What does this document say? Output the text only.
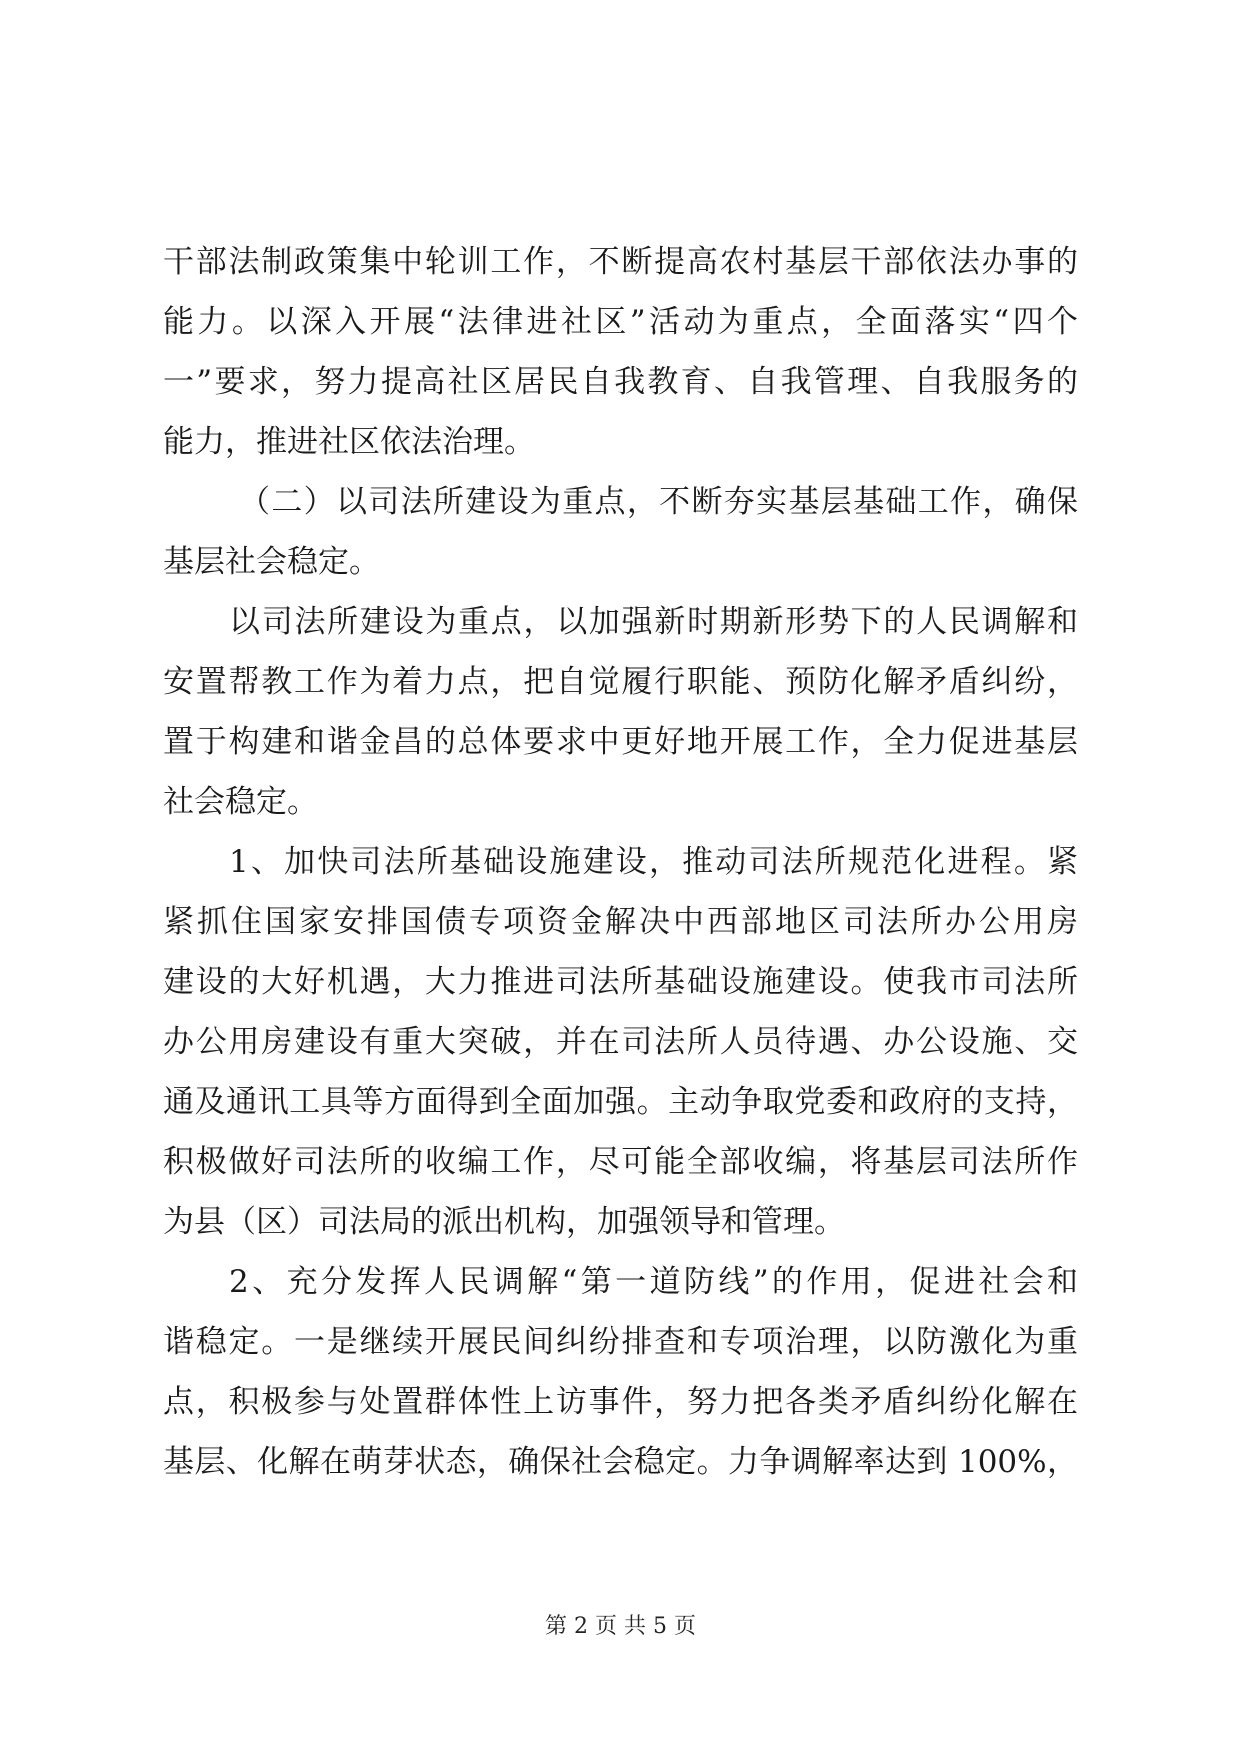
干部法制政策集中轮训工作，不断提高农村基层干部依法办事的
能力。以深入开展“法律进社区”活动为重点，全面落实“四个
一”要求，努力提高社区居民自我教育、自我管理、自我服务的
能力，推进社区依法治理。
（二）以司法所建设为重点，不断夯实基层基础工作，确保
基层社会稳定。
以司法所建设为重点，以加强新时期新形势下的人民调解和
安置帮教工作为着力点，把自觉履行职能、预防化解矛盾纠纷，
置于构建和谐金昌的总体要求中更好地开展工作，全力促进基层
社会稳定。
1、加快司法所基础设施建设，推动司法所规范化进程。紧
紧抓住国家安排国债专项资金解决中西部地区司法所办公用房
建设的大好机遇，大力推进司法所基础设施建设。使我市司法所
办公用房建设有重大突破，并在司法所人员待遇、办公设施、交
通及通讯工具等方面得到全面加强。主动争取党委和政府的支持，
积极做好司法所的收编工作，尽可能全部收编，将基层司法所作
为县（区）司法局的派出机构，加强领导和管理。
2、充分发挥人民调解“第一道防线”的作用，促进社会和
谐稳定。一是继续开展民间纠纷排查和专项治理，以防激化为重
点，积极参与处置群体性上访事件，努力把各类矛盾纠纷化解在
基层、化解在萌芽状态，确保社会稳定。力争调解率达到 100%，
第 2 页 共 5 页
